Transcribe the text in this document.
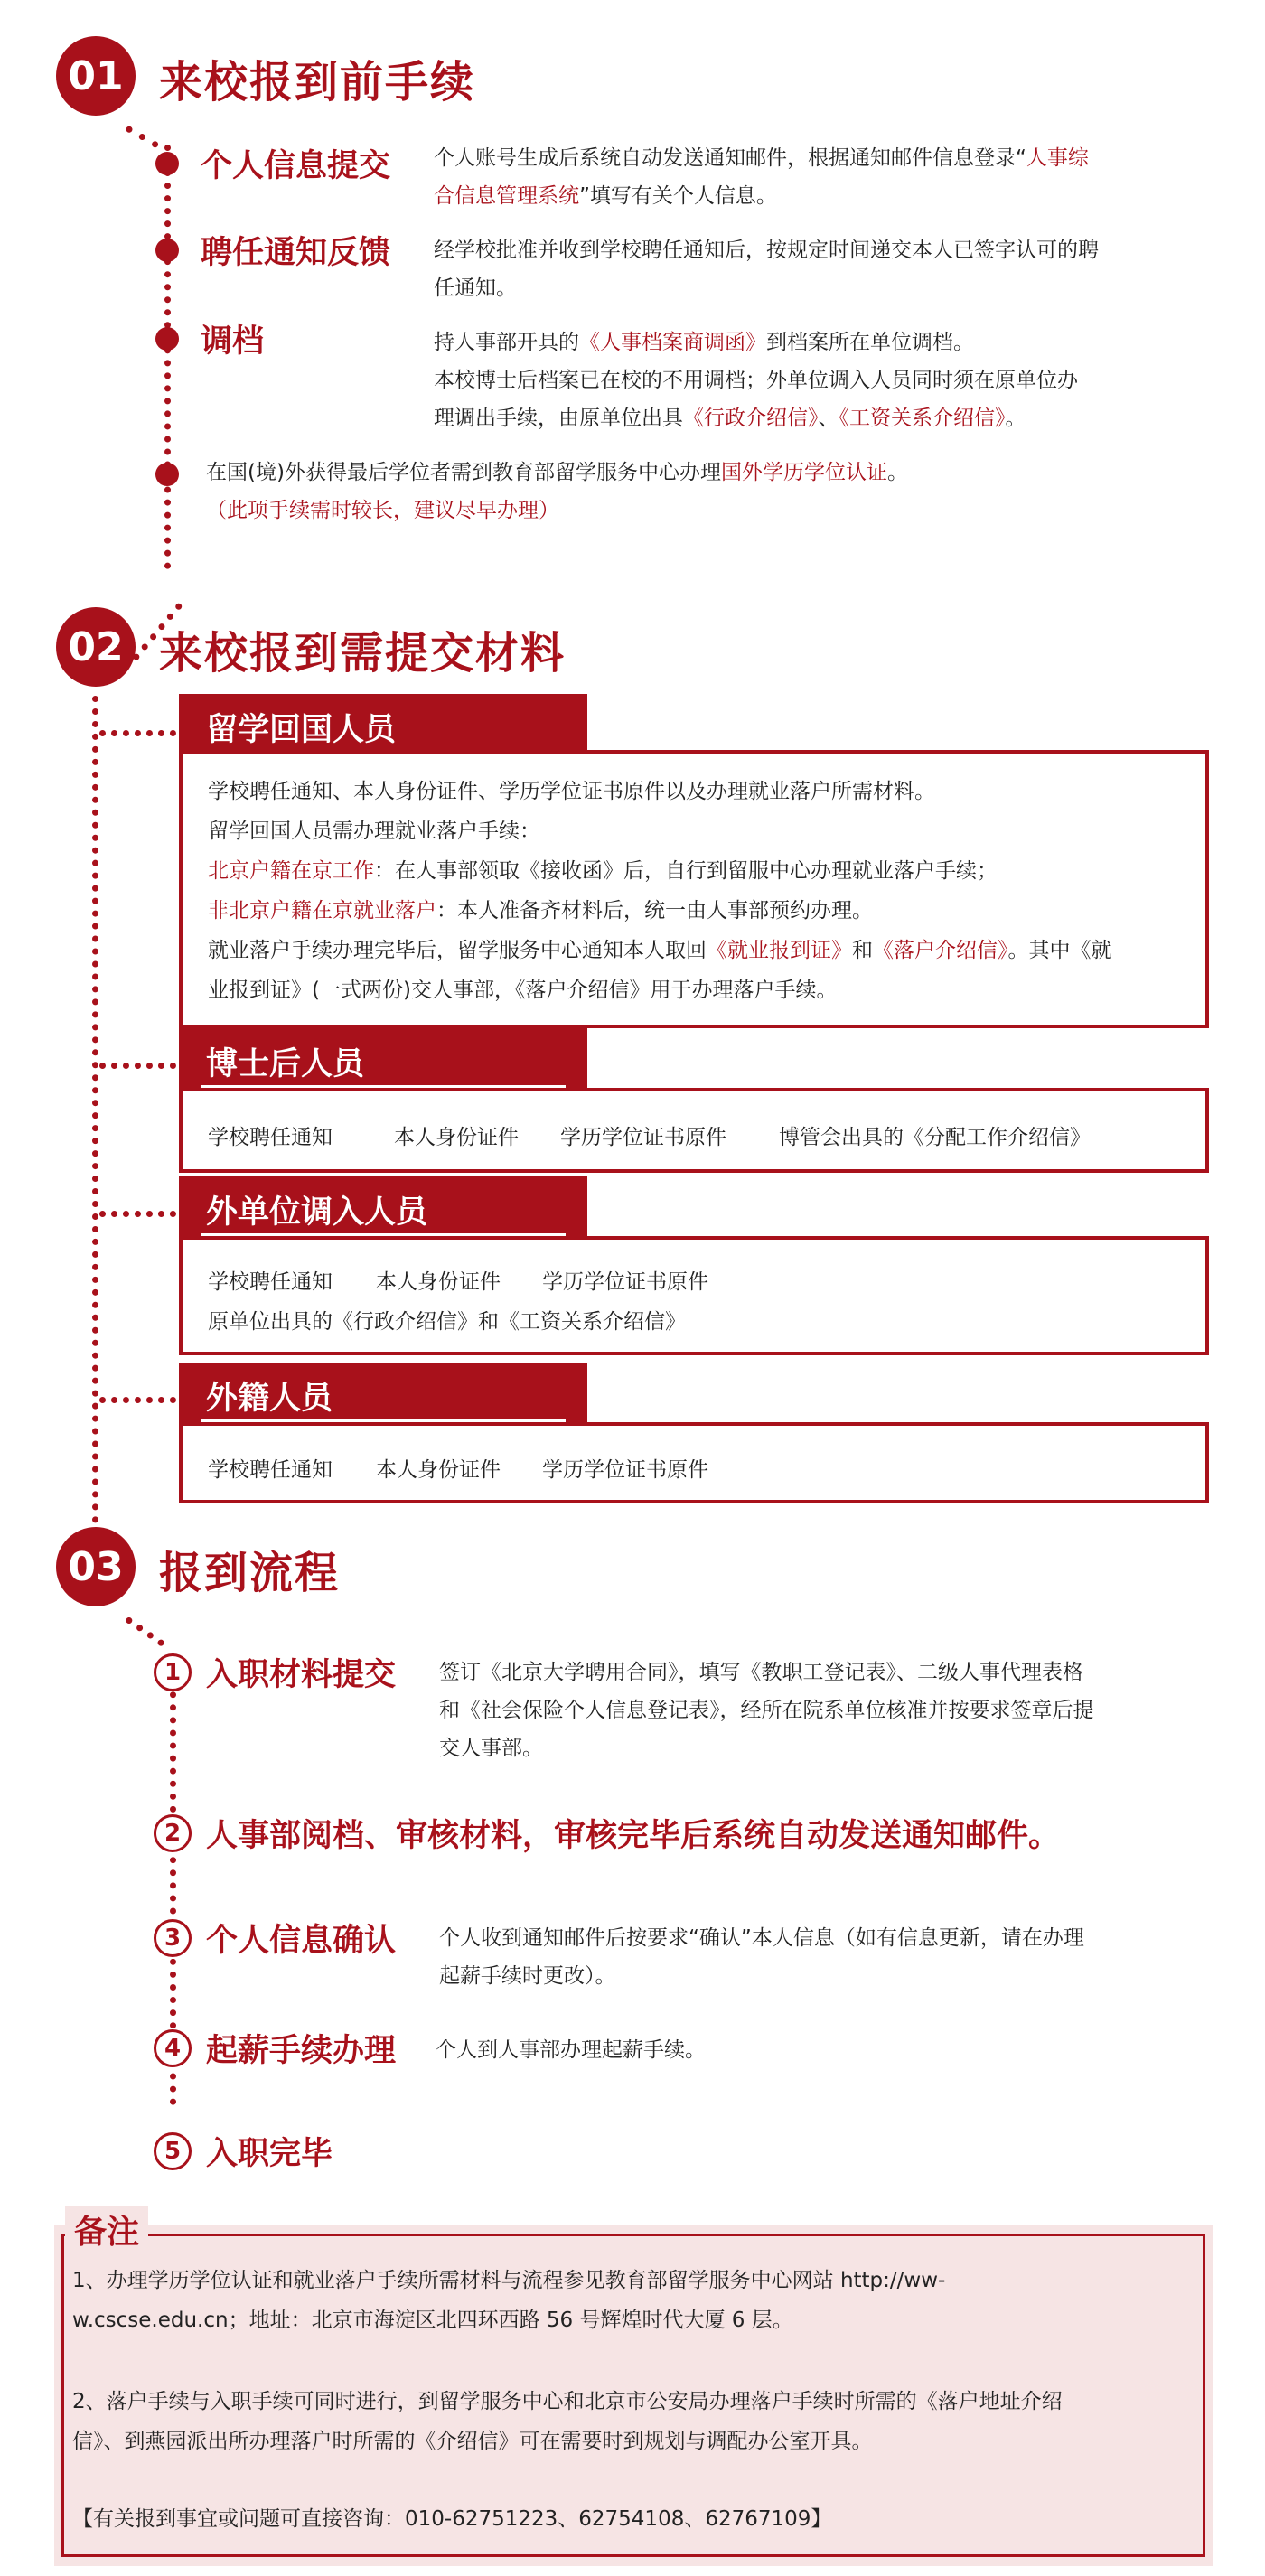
01 来校报到前手续
个人信息提交 个人账号生成后系统自动发送通知邮件，根据通知邮件信息登录“人事综
合信息管理系统”填写有关个人信息。
聘任通知反馈 经学校批准并收到学校聘任通知后，按规定时间递交本人已签字认可的聘
任通知。
调档	持人事部开具的《人事档案商调函》到档案所在单位调档。
本校博士后档案已在校的不用调档；外单位调入人员同时须在原单位办
理调出手续，由原单位出具《行政介绍信》、《工资关系介绍信》。
在国(境)外获得最后学位者需到教育部留学服务中心办理国外学历学位认证。
（此项手续需时较长，建议尽早办理）
02 来校报到需提交材料
留学回国人员
学校聘任通知、本人身份证件、学历学位证书原件以及办理就业落户所需材料。
留学回国人员需办理就业落户手续：
北京户籍在京工作：在人事部领取《接收函》后，自行到留服中心办理就业落户手续；
非北京户籍在京就业落户：本人准备齐材料后，统一由人事部预约办理。
就业落户手续办理完毕后，留学服务中心通知本人取回《就业报到证》和《落户介绍信》。其中《就
业报到证》(一式两份)交人事部，《落户介绍信》用于办理落户手续。
博士后人员
学校聘任通知	本人身份证件 学历学位证书原件	博管会出具的《分配工作介绍信》
外单位调入人员
学校聘任通知 本人身份证件 学历学位证书原件
原单位出具的《行政介绍信》和《工资关系介绍信》
外籍人员
学校聘任通知 本人身份证件 学历学位证书原件
03 报到流程
1 入职材料提交 签订《北京大学聘用合同》，填写《教职工登记表》、二级人事代理表格
和《社会保险个人信息登记表》，经所在院系单位核准并按要求签章后提
交人事部。
2 人事部阅档、审核材料，审核完毕后系统自动发送通知邮件。
3 个人信息确认 个人收到通知邮件后按要求“确认”本人信息（如有信息更新，请在办理
起薪手续时更改）。
4 起薪手续办理 个人到人事部办理起薪手续。
5 入职完毕
备注
1、办理学历学位认证和就业落户手续所需材料与流程参见教育部留学服务中心网站 http://ww-
w.cscse.edu.cn；地址：北京市海淀区北四环西路 56 号辉煌时代大厦 6 层。
2、落户手续与入职手续可同时进行，到留学服务中心和北京市公安局办理落户手续时所需的《落户地址介绍
信》、到燕园派出所办理落户时所需的《介绍信》可在需要时到规划与调配办公室开具。
【有关报到事宜或问题可直接咨询：010-62751223、62754108、62767109】
